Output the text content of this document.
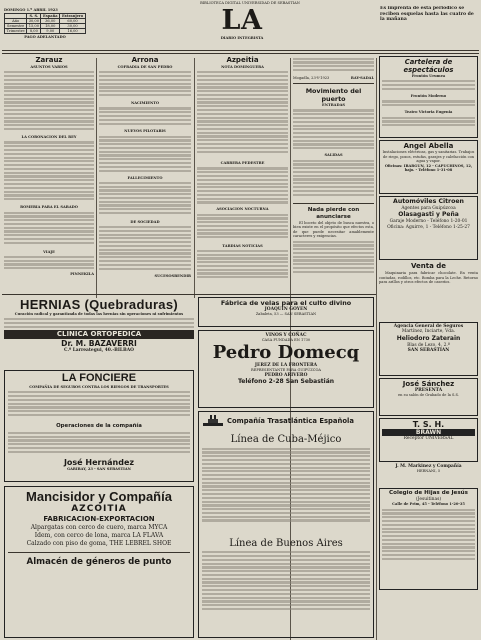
BIBLIOTECA DIGITAL UNIVERSIDAD DE SEBASTIAN
DOMINGO 1.º ABRIL 1923
	S. S.	España	Extranjero
Año	30,00	36,00	60,00
Semestre	15,00	18,00	30,00
Trimestre	8,00	9,00	16,00
PAGO ADELANTADO
LA
DIARIO INTEGRISTA
Es imprenta de esta periódico se reciben esquelas hasta las cuatro de la mañana
Zarauz
ASUNTOS VARIOS
LA CORONACION DEL REY
ROMERIA PARA EL SABADO
VIAJE
PINNEKILA
Arrona
COFRADIA DE SAN PEDRO
NACIMIENTO
NUEVOS PILOTARIS
FALLECIMIENTO
DE SOCIEDAD
SUCESOSBENDIR
Azpeitia
NOTA DOMINGUERA
CARRERA PEDESTRE
ASOCIACION NOCTURNA
TARDIAS NOTICIAS
Mogadla, 23-V-1923	RAY-SADAL
Movimiento del puerto
ENTRADAS
SALIDAS
Nada pierde con anunciarse
El boceto del objeto de busca nuestra, o bien existe en el propósito que efectos esta, de que puede necesitar amablemente caracteres y exigencias.
Cartelera de espectáculos
Frontón Urumea
Frontón Moderno
Teatro Victoria Eugenia
Angel Abella
Instalaciones eléctricas, gas y sanitarias. Trabajos de riego, pozos, estufas, garajes y calefacción con agua y vapor.
Oficinas: IBARGUN, 12 - CAPUCHINOS, 12, bajo. - Teléfono 1-31-08
Automóviles Citroen
Agentes para Guipúzcoa
Olasagasti y Peña
Garaje Moderno - Teléfono 1-20-01
Oficina: Aguirre, 1 - Teléfono 1-25-27
Venta de
Maquinaria para fabricar chocolate. En venta contadas, rodillos, etc. Bomba para la Leche. Retorno para arillos y otros efectos de caseríos.
Agencia General de Seguros
Martínez, Inciarte, Vda.
Heliodoro Zaterain
Blas de Lezo, 4, 2.º
SAN SEBASTIAN
José Sánchez
PRESENTA
en su salón de Grabado de la S.S.
T. S. H.
BRAWN
Receptor UNIVERSAL
J. M. Markinez y Compañía
HERNANI, 5
Colegio de Hijas de Jesús
(Jesuitinas)
Calle de Prim, 45 - Teléfono 1-20-35
HERNIAS (Quebraduras)
Curación radical y garantizada de todas las hernias sin operaciones ni sufrimientos
CLINICA ORTOPEDICA
Dr. M. BAZAVERRI
C.º Larreategui, 40.-BILBAO
LA FONCIERE
COMPAÑIA DE SEGUROS CONTRA LOS RIESGOS DE TRANSPORTES
Operaciones de la compañía
José Hernández
GARIBAY, 23 - SAN SEBASTIAN
Mancisidor y Compañía
AZCOITIA
FABRICACION-EXPORTACION
Alpargatas con cerco de cuero, marca MYCA
Idem, con cerco de lona, marca LA FLAVA
Calzado con piso de goma, THE LEBREL SHOE
Almacén de géneros de punto
Fábrica de velas para el culto divino
JOAQUIN GOYEN
Zabaleta, 53 — SAN SEBASTIAN
VINOS Y COÑAC
CASA FUNDADA EN 1730
Pedro Domecq
JEREZ DE LA FRONTERA
REPRESENTANTE PARA GUIPÚZCOA
PEDRO ARIVERO
Teléfono 2-28 San Sebastián
Compañía Trasatlántica Española
Línea de Cuba-Méjico
Línea de Buenos Aires
